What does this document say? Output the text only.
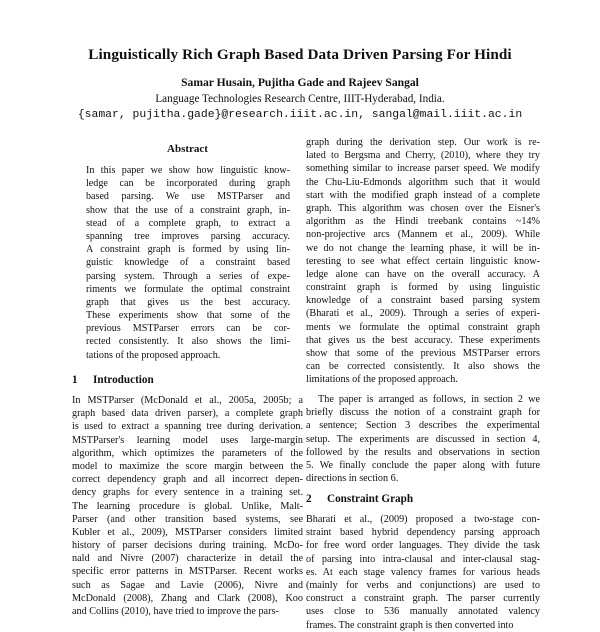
Linguistically Rich Graph Based Data Driven Parsing For Hindi
Samar Husain, Pujitha Gade and Rajeev Sangal
Language Technologies Research Centre, IIIT-Hyderabad, India.
{samar, pujitha.gade}@research.iiit.ac.in, sangal@mail.iiit.ac.in
Abstract
In this paper we show how linguistic know-
ledge can be incorporated during graph
based parsing. We use MSTParser and
show that the use of a constraint graph, in-
stead of a complete graph, to extract a
spanning tree improves parsing accuracy.
A constraint graph is formed by using lin-
guistic knowledge of a constraint based
parsing system. Through a series of expe-
riments we formulate the optimal constraint
graph that gives us the best accuracy.
These experiments show that some of the
previous MSTParser errors can be cor-
rected consistently. It also shows the limi-
tations of the proposed approach.
1 Introduction
In MSTParser (McDonald et al., 2005a, 2005b; a
graph based data driven parser), a complete graph
is used to extract a spanning tree during derivation.
MSTParser's learning model uses large-margin
algorithm, which optimizes the parameters of the
model to maximize the score margin between the
correct dependency graph and all incorrect depen-
dency graphs for every sentence in a training set.
The learning procedure is global. Unlike, Malt-
Parser (and other transition based systems, see
Kubler et al., 2009), MSTParser considers limited
history of parser decisions during training. McDo-
nald and Nivre (2007) characterize in detail the
specific error patterns in MSTParser. Recent works
such as Sagae and Lavie (2006), Nivre and
McDonald (2008), Zhang and Clark (2008), Koo
and Collins (2010), have tried to improve the pars-
graph during the derivation step. Our work is re-
lated to Bergsma and Cherry, (2010), where they try
something similar to increase parser speed. We modify
the Chu-Liu-Edmonds algorithm such that it would
start with the modified graph instead of a complete
graph. This algorithm was chosen over the Eisner's
algorithm as the Hindi treebank contains ~14%
non-projective arcs (Mannem et al., 2009). While
we do not change the learning phase, it will be in-
teresting to see what effect certain linguistic know-
ledge alone can have on the overall accuracy. A
constraint graph is formed by using linguistic
knowledge of a constraint based parsing system
(Bharati et al., 2009). Through a series of experi-
ments we formulate the optimal constraint graph
that gives us the best accuracy. These experiments
show that some of the previous MSTParser errors
can be corrected consistently. It also shows the
limitations of the proposed approach.
The paper is arranged as follows, in section 2 we
briefly discuss the notion of a constraint graph for
a sentence; Section 3 describes the experimental
setup. The experiments are discussed in section 4,
followed by the results and observations in section
5. We finally conclude the paper along with future
directions in section 6.
2 Constraint Graph
Bharati et al., (2009) proposed a two-stage con-
straint based hybrid dependency parsing approach
for free word order languages. They divide the task
of parsing into intra-clausal and inter-clausal stag-
es. At each stage valency frames for various heads
(mainly for verbs and conjunctions) are used to
construct a constraint graph. The parser currently
uses close to 536 manually annotated valency
frames. The constraint graph is then converted into
